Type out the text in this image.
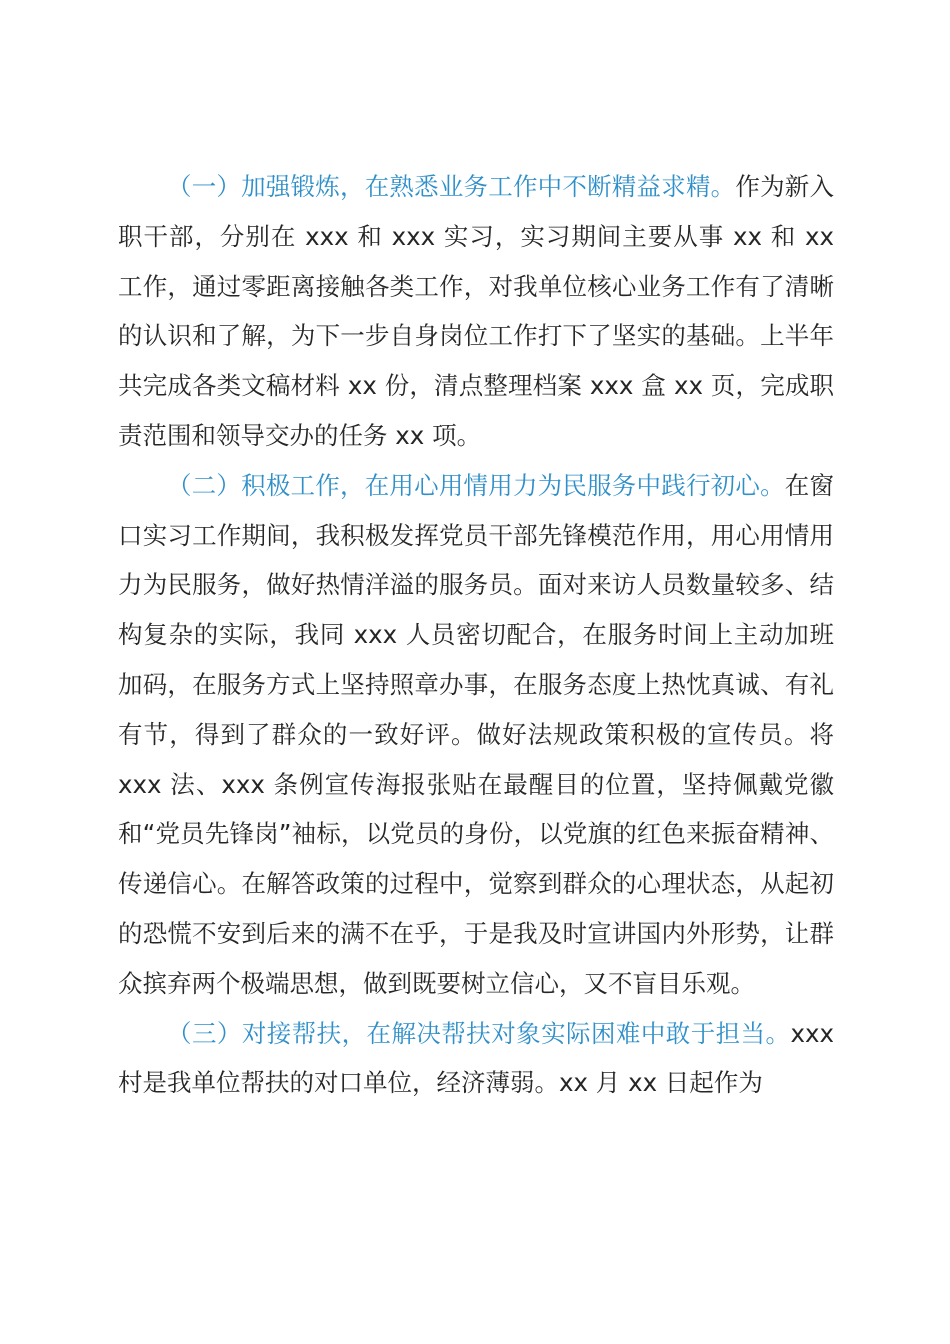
（一）加强锻炼，在熟悉业务工作中不断精益求精。作为新入职干部，分别在 xxx 和 xxx 实习，实习期间主要从事 xx 和 xx 工作，通过零距离接触各类工作，对我单位核心业务工作有了清晰的认识和了解，为下一步自身岗位工作打下了坚实的基础。上半年共完成各类文稿材料 xx 份，清点整理档案 xxx 盒 xx 页，完成职责范围和领导交办的任务 xx 项。

（二）积极工作，在用心用情用力为民服务中践行初心。在窗口实习工作期间，我积极发挥党员干部先锋模范作用，用心用情用力为民服务，做好热情洋溢的服务员。面对来访人员数量较多、结构复杂的实际，我同 xxx 人员密切配合，在服务时间上主动加班加码，在服务方式上坚持照章办事，在服务态度上热忱真诚、有礼有节，得到了群众的一致好评。做好法规政策积极的宣传员。将 xxx 法、xxx 条例宣传海报张贴在最醒目的位置，坚持佩戴党徽和“党员先锋岗”袖标，以党员的身份，以党旗的红色来振奋精神、传递信心。在解答政策的过程中，觉察到群众的心理状态，从起初的恐慌不安到后来的满不在乎，于是我及时宣讲国内外形势，让群众摈弃两个极端思想，做到既要树立信心，又不盲目乐观。

（三）对接帮扶，在解决帮扶对象实际困难中敢于担当。xxx 村是我单位帮扶的对口单位，经济薄弱。xx 月 xx 日起作为
